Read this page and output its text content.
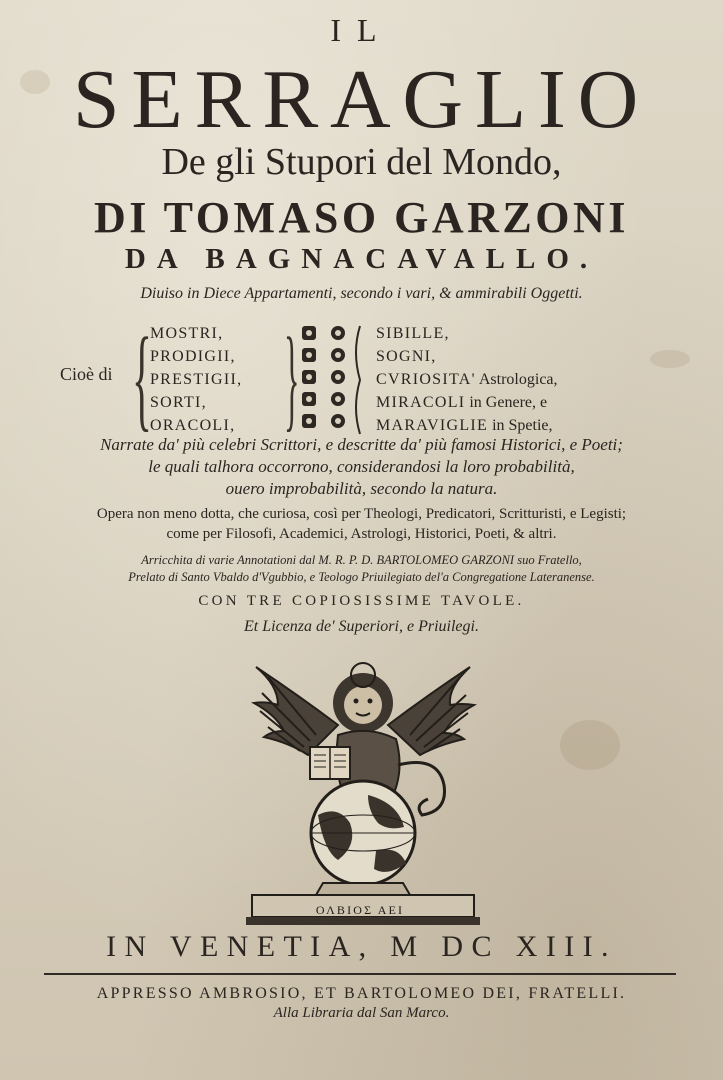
IL
SERRAGLIO
De gli Stupori del Mondo,
DI TOMASO GARZONI
DA BAGNACAVALLO.
Diuiso in Diece Appartamenti, secondo i vari, & ammirabili Oggetti.
Cioè di {
MOSTRI,
PRODIGII,
PRESTIGII,
SORTI,
ORACOLI, }	SIBILLE,
SOGNI,
CVRIOSITA' Astrologica,
MIRACOLI in Genere, e
MARAVIGLIE in Spetie,
Narrate da' più celebri Scrittori, e descritte da' più famosi Historici, e Poeti;
le quali talhora occorrono, considerandosi la loro probabilità,
ouero improbabilità, secondo la natura.
Opera non meno dotta, che curiosa, così per Theologi, Predicatori, Scritturisti, e Legisti;
come per Filosofi, Academici, Astrologi, Historici, Poeti, & altri.
Arricchita di varie Annotationi dal M. R. P. D. BARTOLOMEO GARZONI suo Fratello,
Prelato di Santo Vbaldo d'Vgubbio, e Teologo Priuilegiato del'a Congregatione Lateranense.
CON TRE COPIOSISSIME TAVOLE.
Et Licenza de' Superiori, e Priuilegi.
ΟΛΒΙΟΣ ΑΕΙ
IN VENETIA, M DC XIII.
APPRESSO AMBROSIO, ET BARTOLOMEO DEI, FRATELLI.
Alla Libraria dal San Marco.
